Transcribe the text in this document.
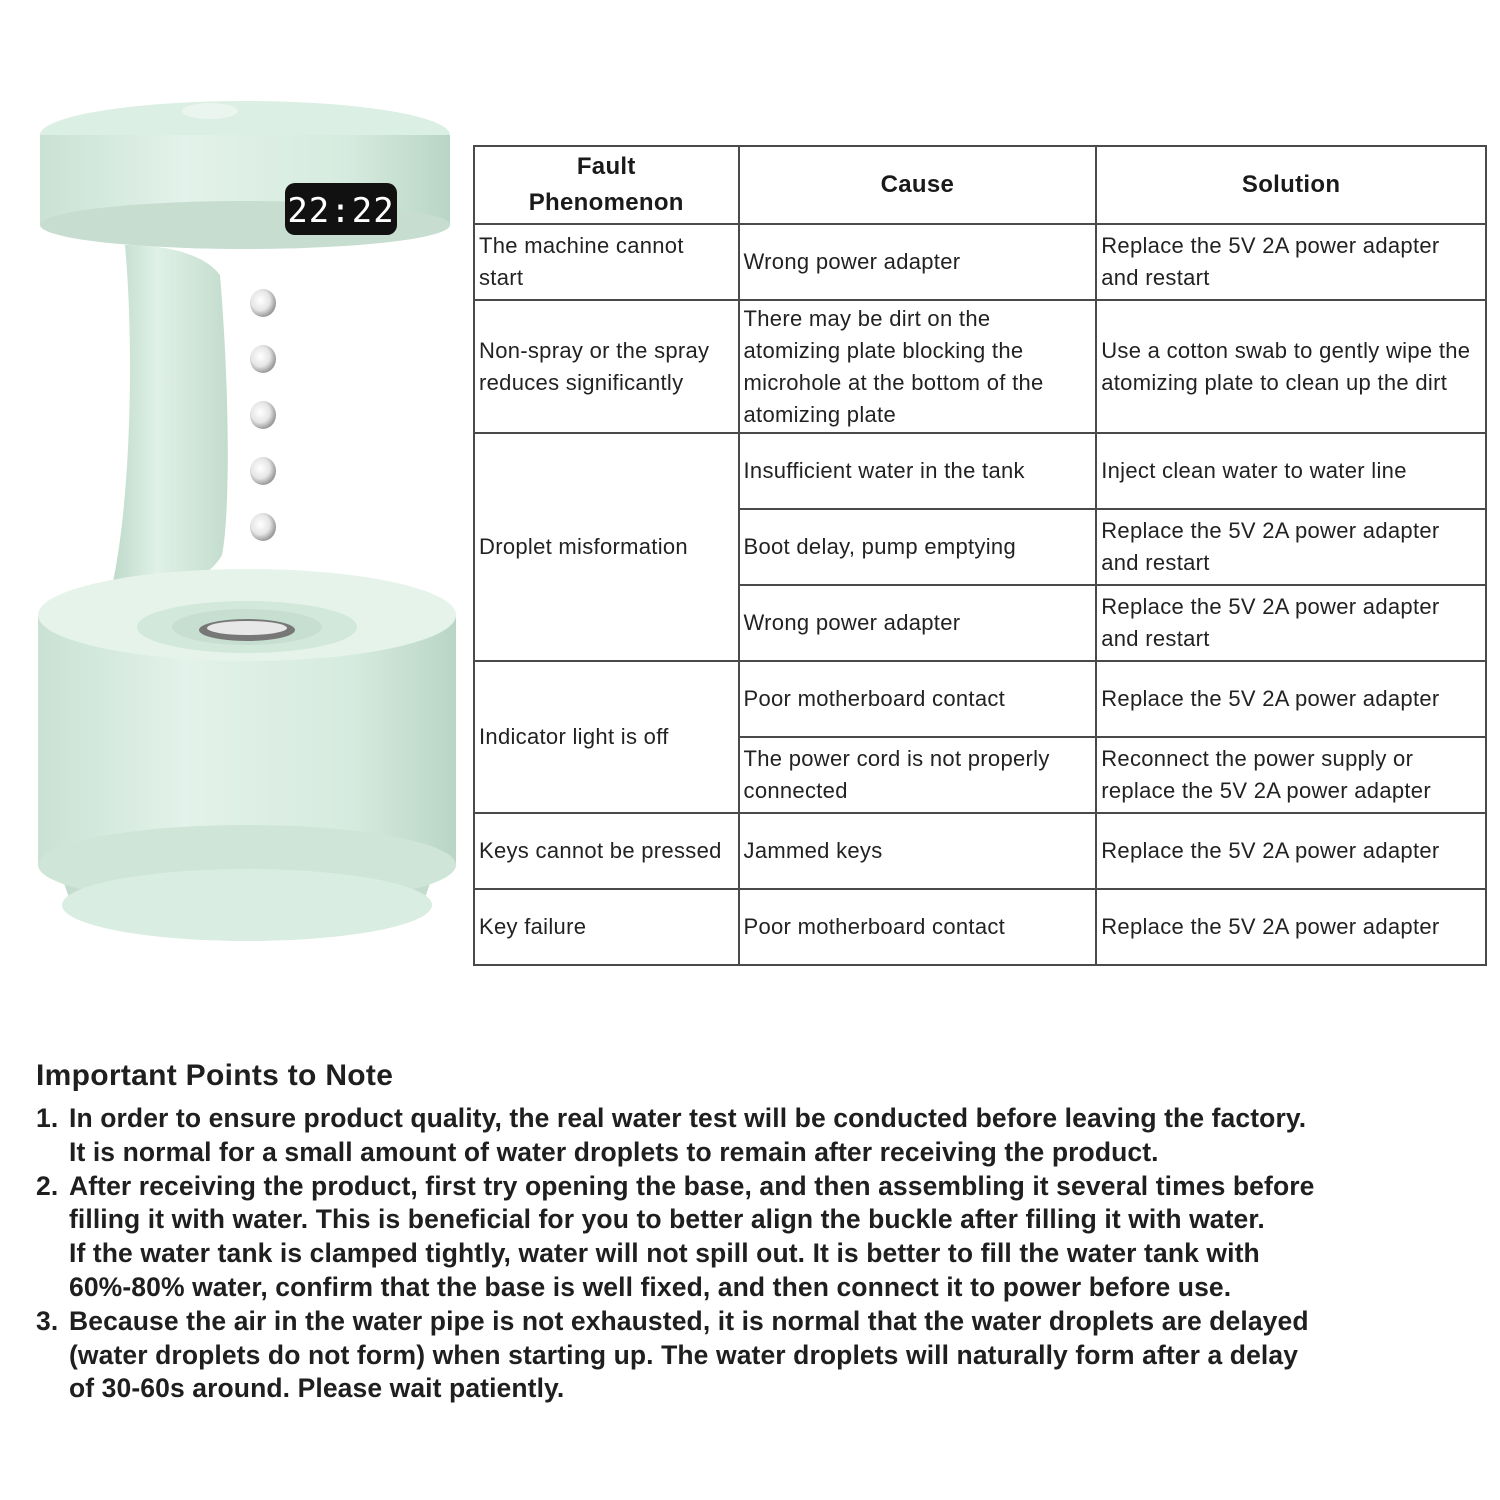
22:22
Fault
Phenomenon	Cause	Solution
The machine cannot start	Wrong power adapter	Replace the 5V 2A power adapter and restart
Non-spray or the spray reduces significantly	There may be dirt on the atomizing plate blocking the microhole at the bottom of the atomizing plate	Use a cotton swab to gently wipe the atomizing plate to clean up the dirt
Droplet misformation	Insufficient water in the tank	Inject clean water to water line
	Boot delay, pump emptying	Replace the 5V 2A power adapter and restart
	Wrong power adapter	Replace the 5V 2A power adapter and restart
Indicator light is off	Poor motherboard contact	Replace the 5V 2A power adapter
	The power cord is not properly connected	Reconnect the power supply or replace the 5V 2A power adapter
Keys cannot be pressed	Jammed keys	Replace the 5V 2A power adapter
Key failure	Poor motherboard contact	Replace the 5V 2A power adapter
Important Points to Note
1. In order to ensure product quality, the real water test will be conducted before leaving the factory.
It is normal for a small amount of water droplets to remain after receiving the product.
2. After receiving the product, first try opening the base, and then assembling it several times before
filling it with water. This is beneficial for you to better align the buckle after filling it with water.
If the water tank is clamped tightly, water will not spill out. It is better to fill the water tank with
60%-80% water, confirm that the base is well fixed, and then connect it to power before use.
3. Because the air in the water pipe is not exhausted, it is normal that the water droplets are delayed
(water droplets do not form) when starting up. The water droplets will naturally form after a delay
of 30-60s around. Please wait patiently.
